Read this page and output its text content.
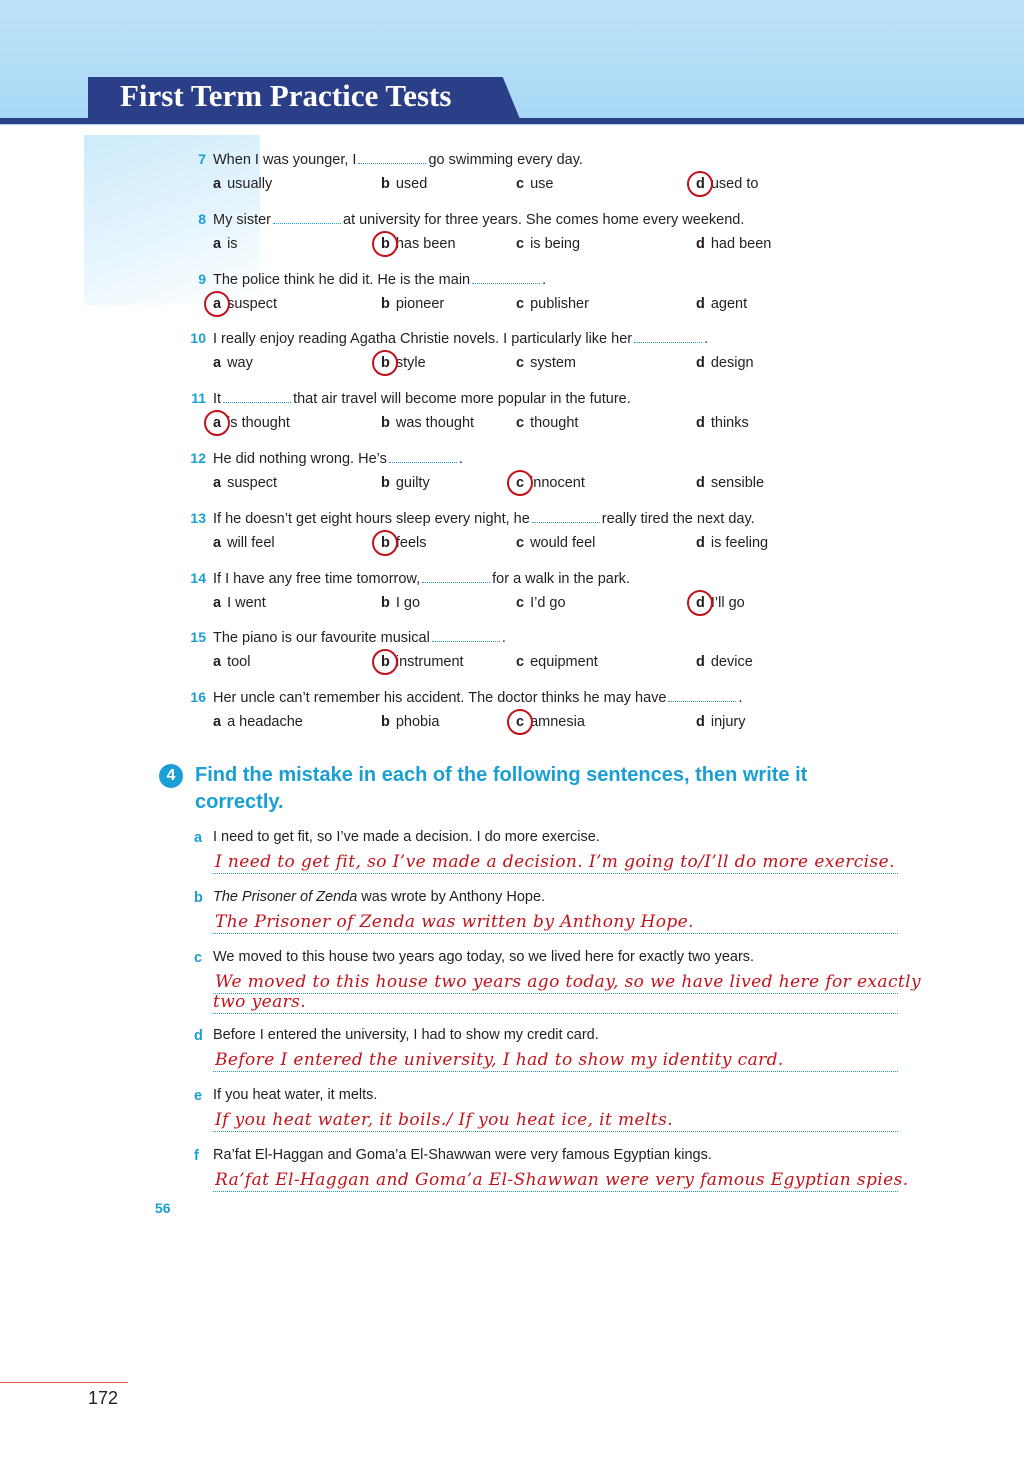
First Term Practice Tests
7 When I was younger, I	go swimming every day.
a usually	b used	c use	d used to
8 My sister	at university for three years. She comes home every weekend.
a is	b has been	c is being	d had been
9 The police think he did it. He is the main	.
a suspect	b pioneer	c publisher	d agent
10 I really enjoy reading Agatha Christie novels. I particularly like her	.
a way	b style	c system	d design
11 It	that air travel will become more popular in the future.
a is thought	b was thought	c thought	d thinks
12 He did nothing wrong. He’s	.
a suspect	b guilty	c innocent	d sensible
13 If he doesn’t get eight hours sleep every night, he	really tired the next day.
a will feel	b feels	c would feel	d is feeling
14 If I have any free time tomorrow,	for a walk in the park.
a I went	b I go	c I’d go	d I’ll go
15 The piano is our favourite musical	.
a tool	b instrument	c equipment	d device
16 Her uncle can’t remember his accident. The doctor thinks he may have	.
a a headache	b phobia	c amnesia	d injury
4 Find the mistake in each of the following sentences, then write it correctly.
a I need to get fit, so I’ve made a decision. I do more exercise.
I need to get fit, so I’ve made a decision. I’m going to/I’ll do more exercise.
b The Prisoner of Zenda was wrote by Anthony Hope.
The Prisoner of Zenda was written by Anthony Hope.
c We moved to this house two years ago today, so we lived here for exactly two years.
We moved to this house two years ago today, so we have lived here for exactly
two years.
d Before I entered the university, I had to show my credit card.
Before I entered the university, I had to show my identity card.
e If you heat water, it melts.
If you heat water, it boils./ If you heat ice, it melts.
f Ra’fat El-Haggan and Goma’a El-Shawwan were very famous Egyptian kings.
Ra’fat El-Haggan and Goma’a El-Shawwan were very famous Egyptian spies.
56
172
